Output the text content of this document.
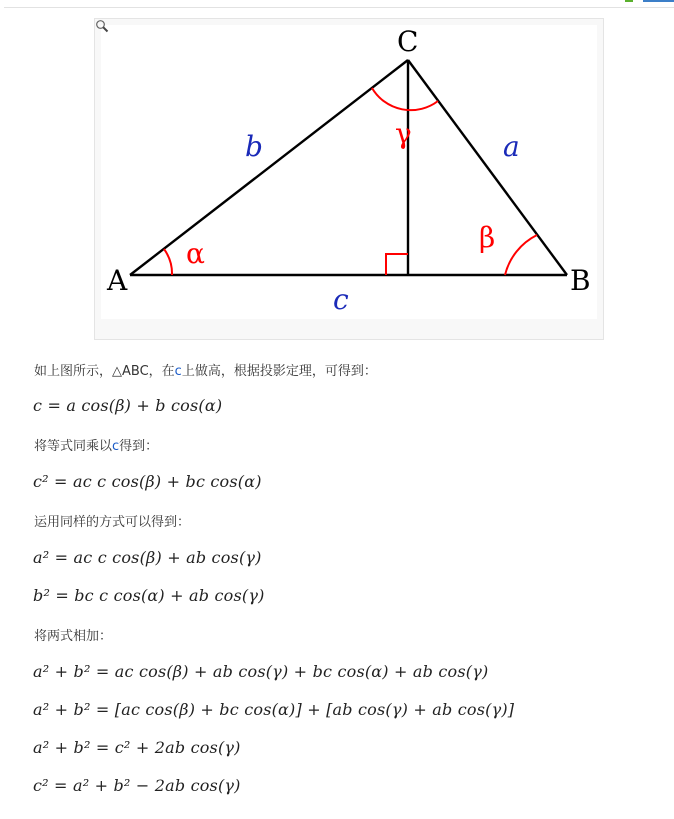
C
A	B
b	a
c
α	β
γ
如上图所示，△ABC，在c上做高，根据投影定理，可得到：
c = a cos(β) + b cos(α)
将等式同乘以c得到：
c² = ac c cos(β) + bc cos(α)
运用同样的方式可以得到：
a² = ac c cos(β) + ab cos(γ)
b² = bc c cos(α) + ab cos(γ)
将两式相加：
a² + b² = ac cos(β) + ab cos(γ) + bc cos(α) + ab cos(γ)
a² + b² = [ac cos(β) + bc cos(α)] + [ab cos(γ) + ab cos(γ)]
a² + b² = c² + 2ab cos(γ)
c² = a² + b² − 2ab cos(γ)
